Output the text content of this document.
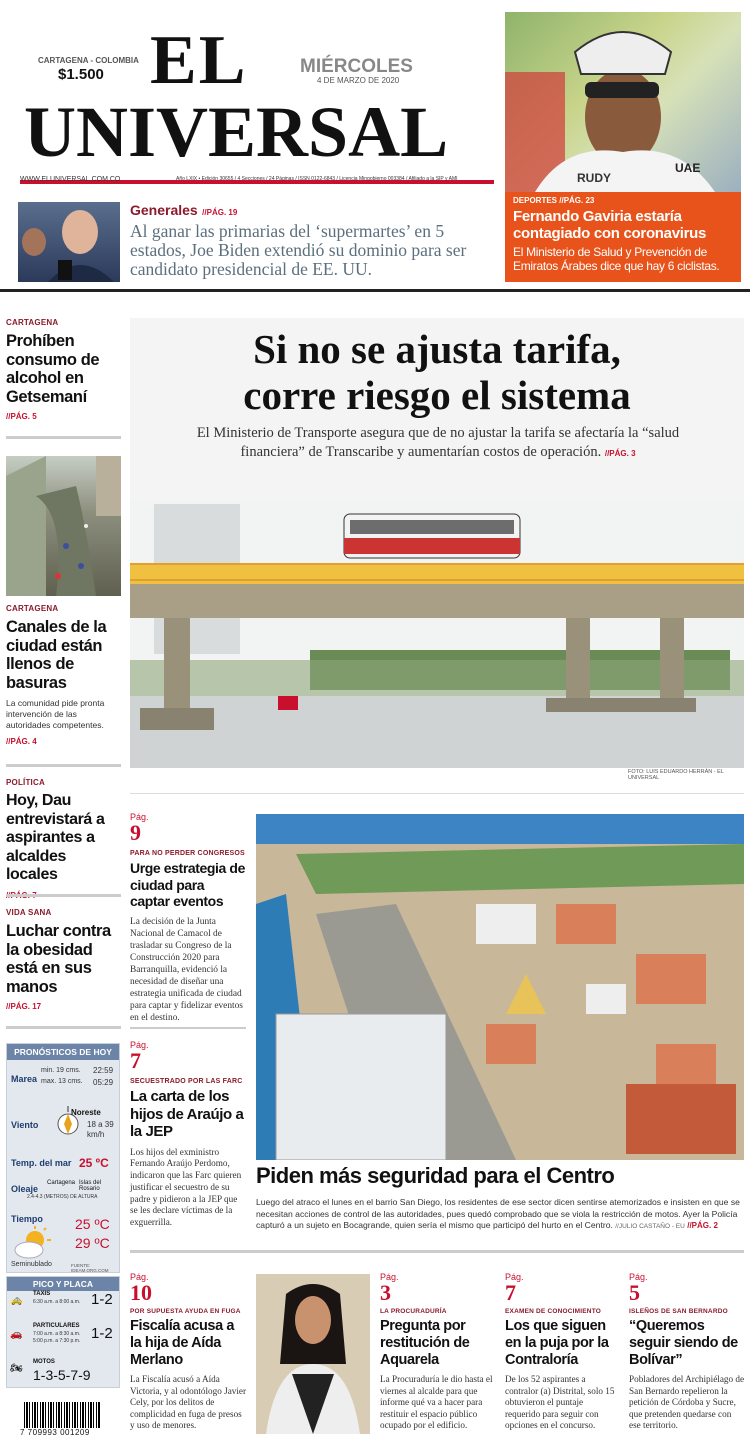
CARTAGENA - COLOMBIA
$1.500 EL
UNIVERSAL
MIÉRCOLES
4 DE MARZO DE 2020
WWW.ELUNIVERSAL.COM.CO	Año LXIX • Edición 30655 / 4 Secciones / 24 Páginas / ISSN 0122-6843 / Licencia Mingobierno 003384 / Afiliado a la SIP y AMI	RUDY
UAE
DEPORTES //PÁG. 23
Fernando Gaviria estaría contagiado con coronavirus
El Ministerio de Salud y Prevención de Emiratos Árabes dice que hay 6 ciclistas.
Generales //PÁG. 19
Al ganar las primarias del ‘supermartes’ en 5 estados, Joe Biden extendió su dominio para ser candidato presidencial de EE. UU.
CARTAGENA
Prohíben consumo de alcohol en Getsemaní
//PÁG. 5
CARTAGENA
Canales de la ciudad están llenos de basuras
La comunidad pide pronta intervención de las autoridades competentes.
//PÁG. 4
POLÍTICA
Hoy, Dau entrevistará a aspirantes a alcaldes locales
VIDA SANA
Luchar contra la obesidad está en sus manos
//PÁG. 17
PRONÓSTICOS DE HOY
Marea
min. 19 cms. 22:59
max. 13 cms. 05:29
Viento
Noreste
18 a 39 km/h
Temp. del mar 25 ºC
Oleaje
Cartagena Islas del Rosario
2.4-4.3 (METROS) DE ALTURA
Tiempo 25 ºC
29 ºC
Seminublado	FUENTE: IDEAM.ORG.COM
PICO Y PLACA
TAXIS
🚕 6:30 a.m. a 8:00 a.m. 1-2
PARTICULARES
🚗 7:00 a.m. a 8:30 a.m.
5:00 p.m. a 7:30 p.m. 1-2
MOTOS
🏍 1-3-5-7-9
7 709993 001209
Si no se ajusta tarifa,
corre riesgo el sistema
El Ministerio de Transporte asegura que de no ajustar la tarifa se afectaría la “salud financiera” de Transcaribe y aumentarían costos de operación. //PÁG. 3
FOTO: LUIS EDUARDO HERRÁN - EL UNIVERSAL
Pág.
9
PARA NO PERDER CONGRESOS
Urge estrategia de ciudad para captar eventos
La decisión de la Junta Nacional de Camacol de trasladar su Congreso de la Construcción 2020 para Barranquilla, evidenció la necesidad de diseñar una estrategia unificada de ciudad para captar y fidelizar eventos en el destino.
Pág.
7
SECUESTRADO POR LAS FARC
La carta de los hijos de Araújo a la JEP
Los hijos del exministro Fernando Araújo Perdomo, indicaron que las Farc quieren justificar el secuestro de su padre y pidieron a la JEP que se les declare víctimas de la exguerrilla.
Piden más seguridad para el Centro
Luego del atraco el lunes en el barrio San Diego, los residentes de ese sector dicen sentirse atemorizados e insisten en que se necesitan acciones de control de las autoridades, pues quedó comprobado que se viola la restricción de motos. Ayer la Policía capturó a un sujeto en Bocagrande, quien sería el mismo que participó del hurto en el Centro. //JULIO CASTAÑO - EU //PÁG. 2
Pág.
10
POR SUPUESTA AYUDA EN FUGA
Fiscalía acusa a la hija de Aída Merlano
La Fiscalía acusó a Aída Victoria, y al odontólogo Javier Cely, por los delitos de complicidad en fuga de presos y uso de menores.
Pág.
3
LA PROCURADURÍA
Pregunta por restitución de Aquarela
La Procuraduría le dio hasta el viernes al alcalde para que informe qué va a hacer para restituir el espacio público ocupado por el edificio.
Pág.
7
EXAMEN DE CONOCIMIENTO
Los que siguen en la puja por la Contraloría
De los 52 aspirantes a contralor (a) Distrital, solo 15 obtuvieron el puntaje requerido para seguir con opciones en el concurso.
Pág.
5
ISLEÑOS DE SAN BERNARDO
“Queremos seguir siendo de Bolívar”
Pobladores del Archipiélago de San Bernardo repelieron la petición de Córdoba y Sucre, que pretenden quedarse con ese territorio.
